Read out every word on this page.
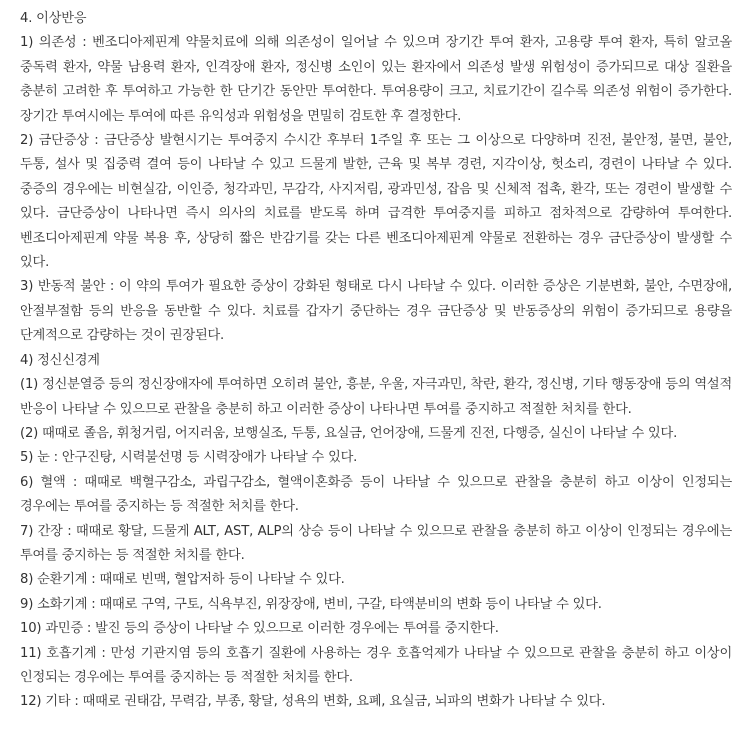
4. 이상반응

1) 의존성 : 벤조디아제핀계 약물치료에 의해 의존성이 일어날 수 있으며 장기간 투여 환자, 고용량 투여 환자, 특히 알코올 중독력 환자, 약물 남용력 환자, 인격장애 환자, 정신병 소인이 있는 환자에서 의존성 발생 위험성이 증가되므로 대상 질환을 충분히 고려한 후 투여하고 가능한 한 단기간 동안만 투여한다. 투여용량이 크고, 치료기간이 길수록 의존성 위험이 증가한다. 장기간 투여시에는 투여에 따른 유익성과 위험성을 면밀히 검토한 후 결정한다.

2) 금단증상 : 금단증상 발현시기는 투여중지 수시간 후부터 1주일 후 또는 그 이상으로 다양하며 진전, 불안정, 불면, 불안, 두통, 설사 및 집중력 결여 등이 나타날 수 있고 드물게 발한, 근육 및 복부 경련, 지각이상, 헛소리, 경련이 나타날 수 있다. 중증의 경우에는 비현실감, 이인증, 청각과민, 무감각, 사지저림, 광과민성, 잡음 및 신체적 접촉, 환각, 또는 경련이 발생할 수 있다. 금단증상이 나타나면 즉시 의사의 치료를 받도록 하며 급격한 투여중지를 피하고 점차적으로 감량하여 투여한다. 벤조디아제핀계 약물 복용 후, 상당히 짧은 반감기를 갖는 다른 벤조디아제핀계 약물로 전환하는 경우 금단증상이 발생할 수 있다.

3) 반동적 불안 : 이 약의 투여가 필요한 증상이 강화된 형태로 다시 나타날 수 있다. 이러한 증상은 기분변화, 불안, 수면장애, 안절부절함 등의 반응을 동반할 수 있다. 치료를 갑자기 중단하는 경우 금단증상 및 반동증상의 위험이 증가되므로 용량을 단계적으로 감량하는 것이 권장된다.

4) 정신신경계

(1) 정신분열증 등의 정신장애자에 투여하면 오히려 불안, 흥분, 우울, 자극과민, 착란, 환각, 정신병, 기타 행동장애 등의 역설적 반응이 나타날 수 있으므로 관찰을 충분히 하고 이러한 증상이 나타나면 투여를 중지하고 적절한 처치를 한다.

(2) 때때로 졸음, 휘청거림, 어지러움, 보행실조, 두통, 요실금, 언어장애, 드물게 진전, 다행증, 실신이 나타날 수 있다.

5) 눈 : 안구진탕, 시력불선명 등 시력장애가 나타날 수 있다.

6) 혈액 : 때때로 백혈구감소, 과립구감소, 혈액이혼화증 등이 나타날 수 있으므로 관찰을 충분히 하고 이상이 인정되는 경우에는 투여를 중지하는 등 적절한 처치를 한다.

7) 간장 : 때때로 황달, 드물게 ALT, AST, ALP의 상승 등이 나타날 수 있으므로 관찰을 충분히 하고 이상이 인정되는 경우에는 투여를 중지하는 등 적절한 처치를 한다.

8) 순환기계 : 때때로 빈맥, 혈압저하 등이 나타날 수 있다.

9) 소화기계 : 때때로 구역, 구토, 식욕부진, 위장장애, 변비, 구갈, 타액분비의 변화 등이 나타날 수 있다.

10) 과민증 : 발진 등의 증상이 나타날 수 있으므로 이러한 경우에는 투여를 중지한다.

11) 호흡기계 : 만성 기관지염 등의 호흡기 질환에 사용하는 경우 호흡억제가 나타날 수 있으므로 관찰을 충분히 하고 이상이 인정되는 경우에는 투여를 중지하는 등 적절한 처치를 한다.

12) 기타 : 때때로 권태감, 무력감, 부종, 황달, 성욕의 변화, 요폐, 요실금, 뇌파의 변화가 나타날 수 있다.
